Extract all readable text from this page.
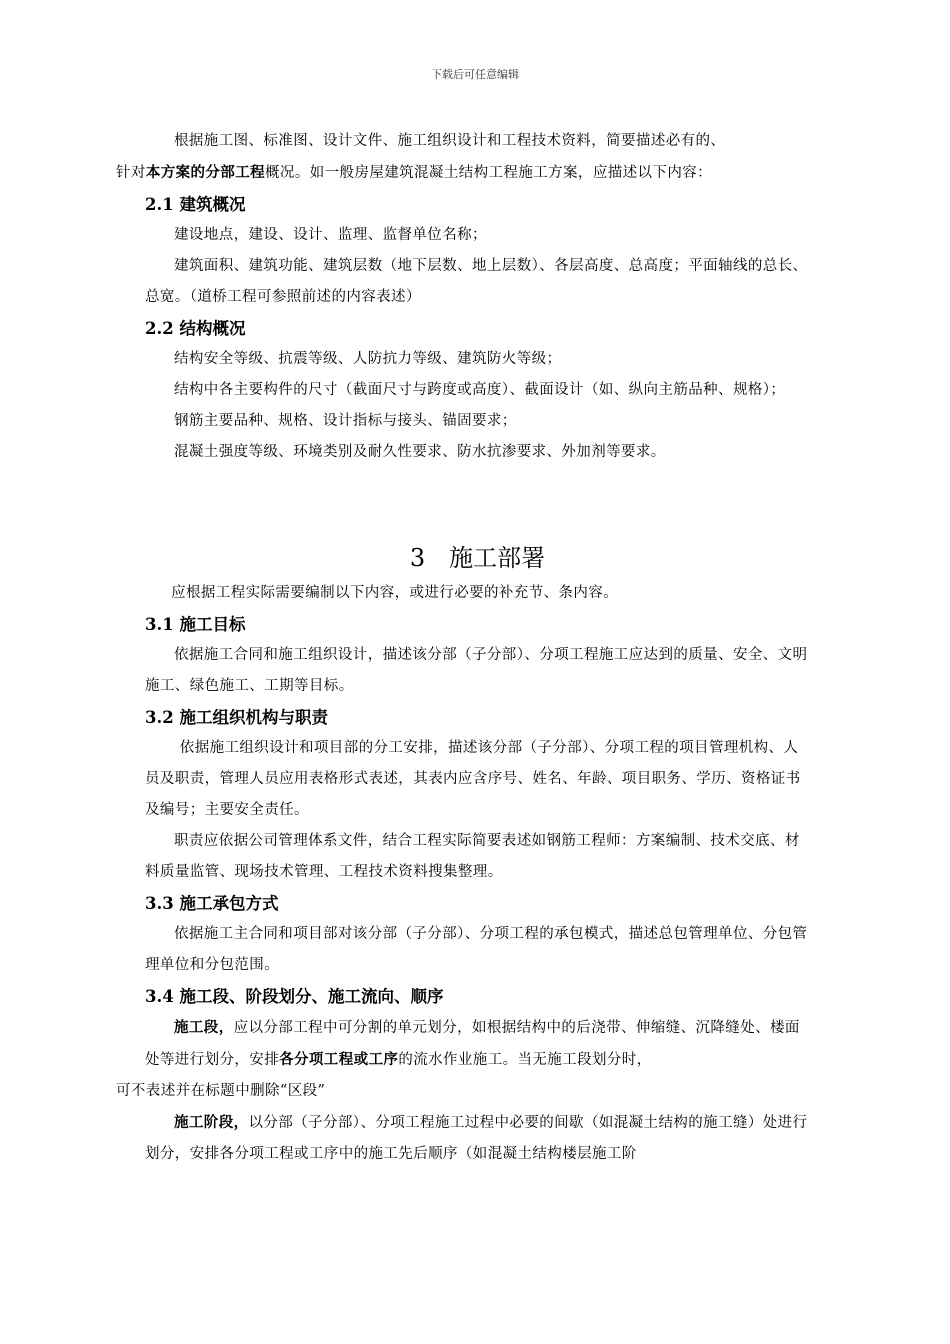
下载后可任意编辑

根据施工图、标准图、设计文件、施工组织设计和工程技术资料，简要描述必有的、
针对本方案的分部工程概况。如一般房屋建筑混凝土结构工程施工方案，应描述以下内容：

2.1 建筑概况

建设地点，建设、设计、监理、监督单位名称；

建筑面积、建筑功能、建筑层数（地下层数、地上层数）、各层高度、总高度；平面轴线的总长、总宽。（道桥工程可参照前述的内容表述）

2.2 结构概况

结构安全等级、抗震等级、人防抗力等级、建筑防火等级；

结构中各主要构件的尺寸（截面尺寸与跨度或高度）、截面设计（如、纵向主筋品种、规格）；

钢筋主要品种、规格、设计指标与接头、锚固要求；

混凝土强度等级、环境类别及耐久性要求、防水抗渗要求、外加剂等要求。

3　施工部署

应根据工程实际需要编制以下内容，或进行必要的补充节、条内容。

3.1 施工目标

依据施工合同和施工组织设计，描述该分部（子分部）、分项工程施工应达到的质量、安全、文明施工、绿色施工、工期等目标。

3.2 施工组织机构与职责

依据施工组织设计和项目部的分工安排，描述该分部（子分部）、分项工程的项目管理机构、人员及职责，管理人员应用表格形式表述，其表内应含序号、姓名、年龄、项目职务、学历、资格证书及编号；主要安全责任。

职责应依据公司管理体系文件，结合工程实际简要表述如钢筋工程师：方案编制、技术交底、材料质量监管、现场技术管理、工程技术资料搜集整理。

3.3 施工承包方式

依据施工主合同和项目部对该分部（子分部）、分项工程的承包模式，描述总包管理单位、分包管理单位和分包范围。

3.4 施工段、阶段划分、施工流向、顺序

施工段，应以分部工程中可分割的单元划分，如根据结构中的后浇带、伸缩缝、沉降缝处、楼面处等进行划分，安排各分项工程或工序的流水作业施工。当无施工段划分时，
可不表述并在标题中删除“区段”

施工阶段，以分部（子分部）、分项工程施工过程中必要的间歇（如混凝土结构的施工缝）处进行划分，安排各分项工程或工序中的施工先后顺序（如混凝土结构楼层施工阶
